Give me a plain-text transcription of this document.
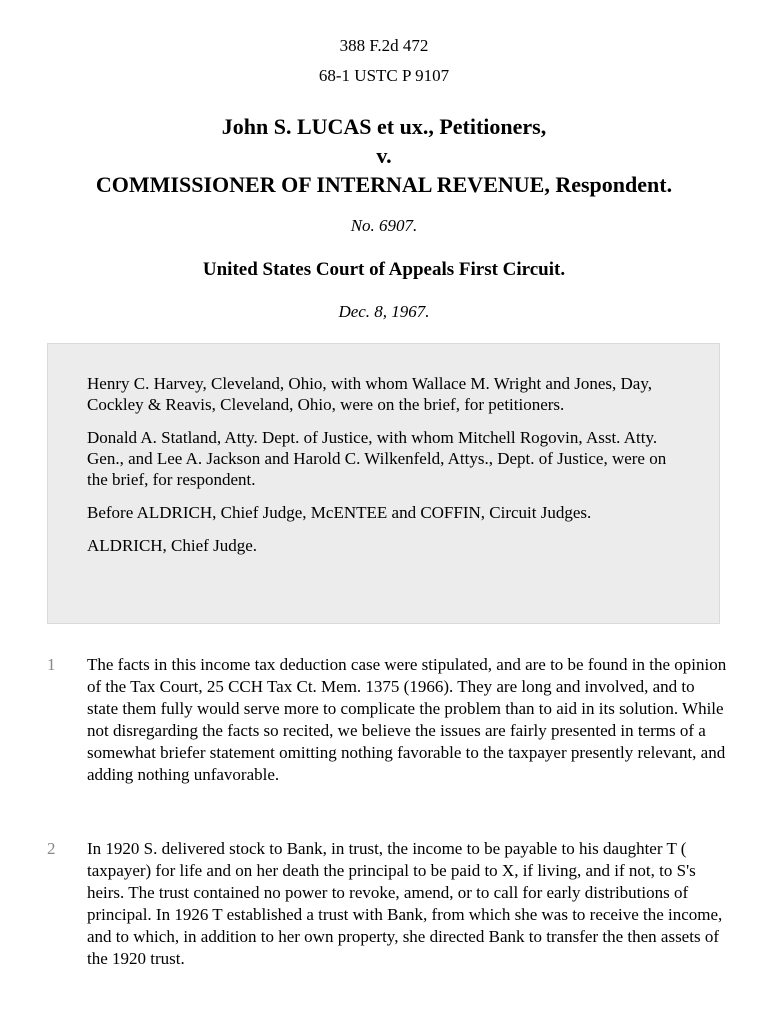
388 F.2d 472
68-1 USTC P 9107
John S. LUCAS et ux., Petitioners,
v.
COMMISSIONER OF INTERNAL REVENUE, Respondent.
No. 6907.
United States Court of Appeals First Circuit.
Dec. 8, 1967.

Henry C. Harvey, Cleveland, Ohio, with whom Wallace M. Wright and Jones, Day, Cockley & Reavis, Cleveland, Ohio, were on the brief, for petitioners.

Donald A. Statland, Atty. Dept. of Justice, with whom Mitchell Rogovin, Asst. Atty. Gen., and Lee A. Jackson and Harold C. Wilkenfeld, Attys., Dept. of Justice, were on the brief, for respondent.

Before ALDRICH, Chief Judge, McENTEE and COFFIN, Circuit Judges.

ALDRICH, Chief Judge.

1	The facts in this income tax deduction case were stipulated, and are to be found in the opinion of the Tax Court, 25 CCH Tax Ct. Mem. 1375 (1966). They are long and involved, and to state them fully would serve more to complicate the problem than to aid in its solution. While not disregarding the facts so recited, we believe the issues are fairly presented in terms of a somewhat briefer statement omitting nothing favorable to the taxpayer presently relevant, and adding nothing unfavorable.
2	In 1920 S. delivered stock to Bank, in trust, the income to be payable to his daughter T ( taxpayer) for life and on her death the principal to be paid to X, if living, and if not, to S's heirs. The trust contained no power to revoke, amend, or to call for early distributions of principal. In 1926 T established a trust with Bank, from which she was to receive the income, and to which, in addition to her own property, she directed Bank to transfer the then assets of the 1920 trust.
